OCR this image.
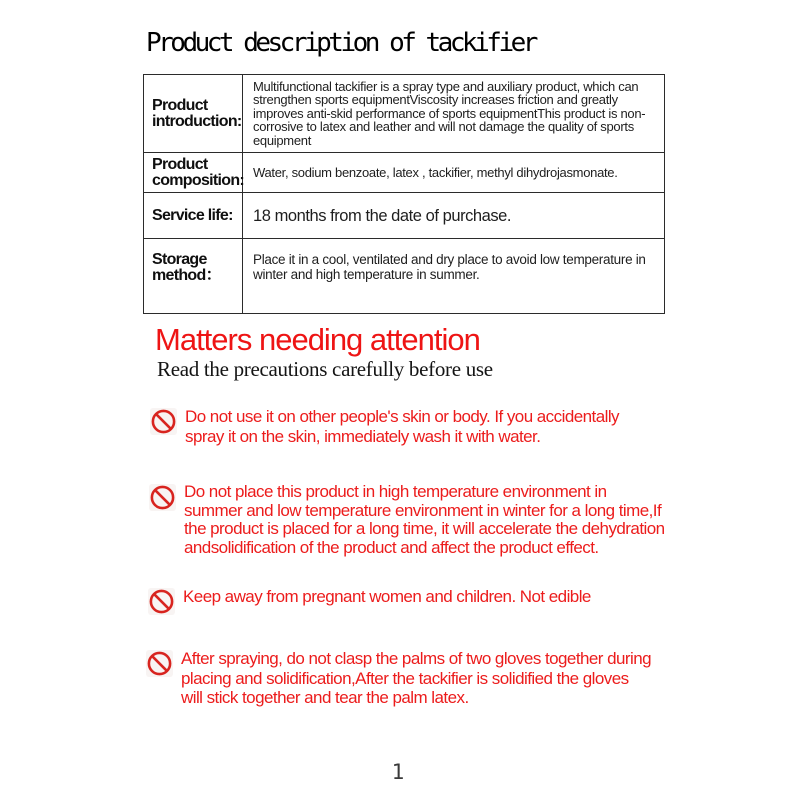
Product description of tackifier
Product introduction:	Multifunctional tackifier is a spray type and auxiliary product, which can strengthen sports equipmentViscosity increases friction and greatly improves anti-skid performance of sports equipmentThis product is non-corrosive to latex and leather and will not damage the quality of sports equipment
Product composition:	Water, sodium benzoate, latex , tackifier, methyl dihydrojasmonate.
Service life:	18 months from the date of purchase.
Storage method：	Place it in a cool, ventilated and dry place to avoid low temperature in winter and high temperature in summer.
Matters needing attention
Read the precautions carefully before use
Do not use it on other people's skin or body. If you accidentally spray it on the skin, immediately wash it with water.
Do not place this product in high temperature environment in summer and low temperature environment in winter for a long time,If the product is placed for a long time, it will accelerate the dehydration andsolidification of the product and affect the product effect.
Keep away from pregnant women and children. Not edible
After spraying, do not clasp the palms of two gloves together during placing and solidification,After the tackifier is solidified the gloves will stick together and tear the palm latex.
1
